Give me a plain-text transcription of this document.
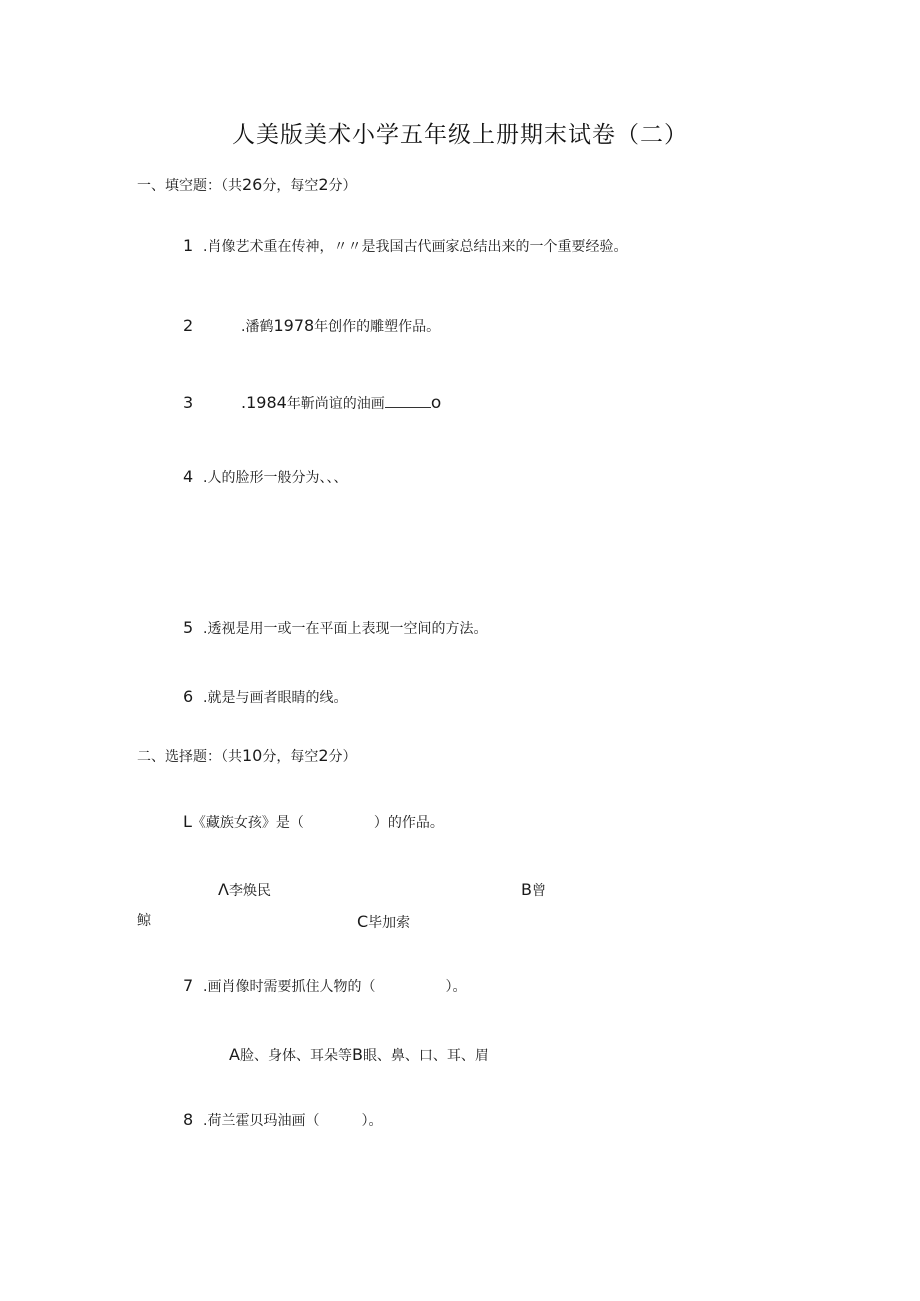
人美版美术小学五年级上册期末试卷（二）
一、填空题：（共26分，每空2分）
1 .肖像艺术重在传神，〃〃是我国古代画家总结出来的一个重要经验。
2	.潘鹤1978年创作的雕塑作品。
3	.1984年靳尚谊的油画	o
4 .人的脸形一般分为、、、
5 .透视是用一或一在平面上表现一空间的方法。
6 .就是与画者眼睛的线。
二、选择题：（共10分，每空2分）
L《藏族女孩》是（　　　　　）的作品。
Λ李焕民	B曾
鲸	C毕加索
7 .画肖像时需要抓住人物的（　　　　　）。
A脸、身体、耳朵等B眼、鼻、口、耳、眉
8 .荷兰霍贝玛油画（　　　）。
